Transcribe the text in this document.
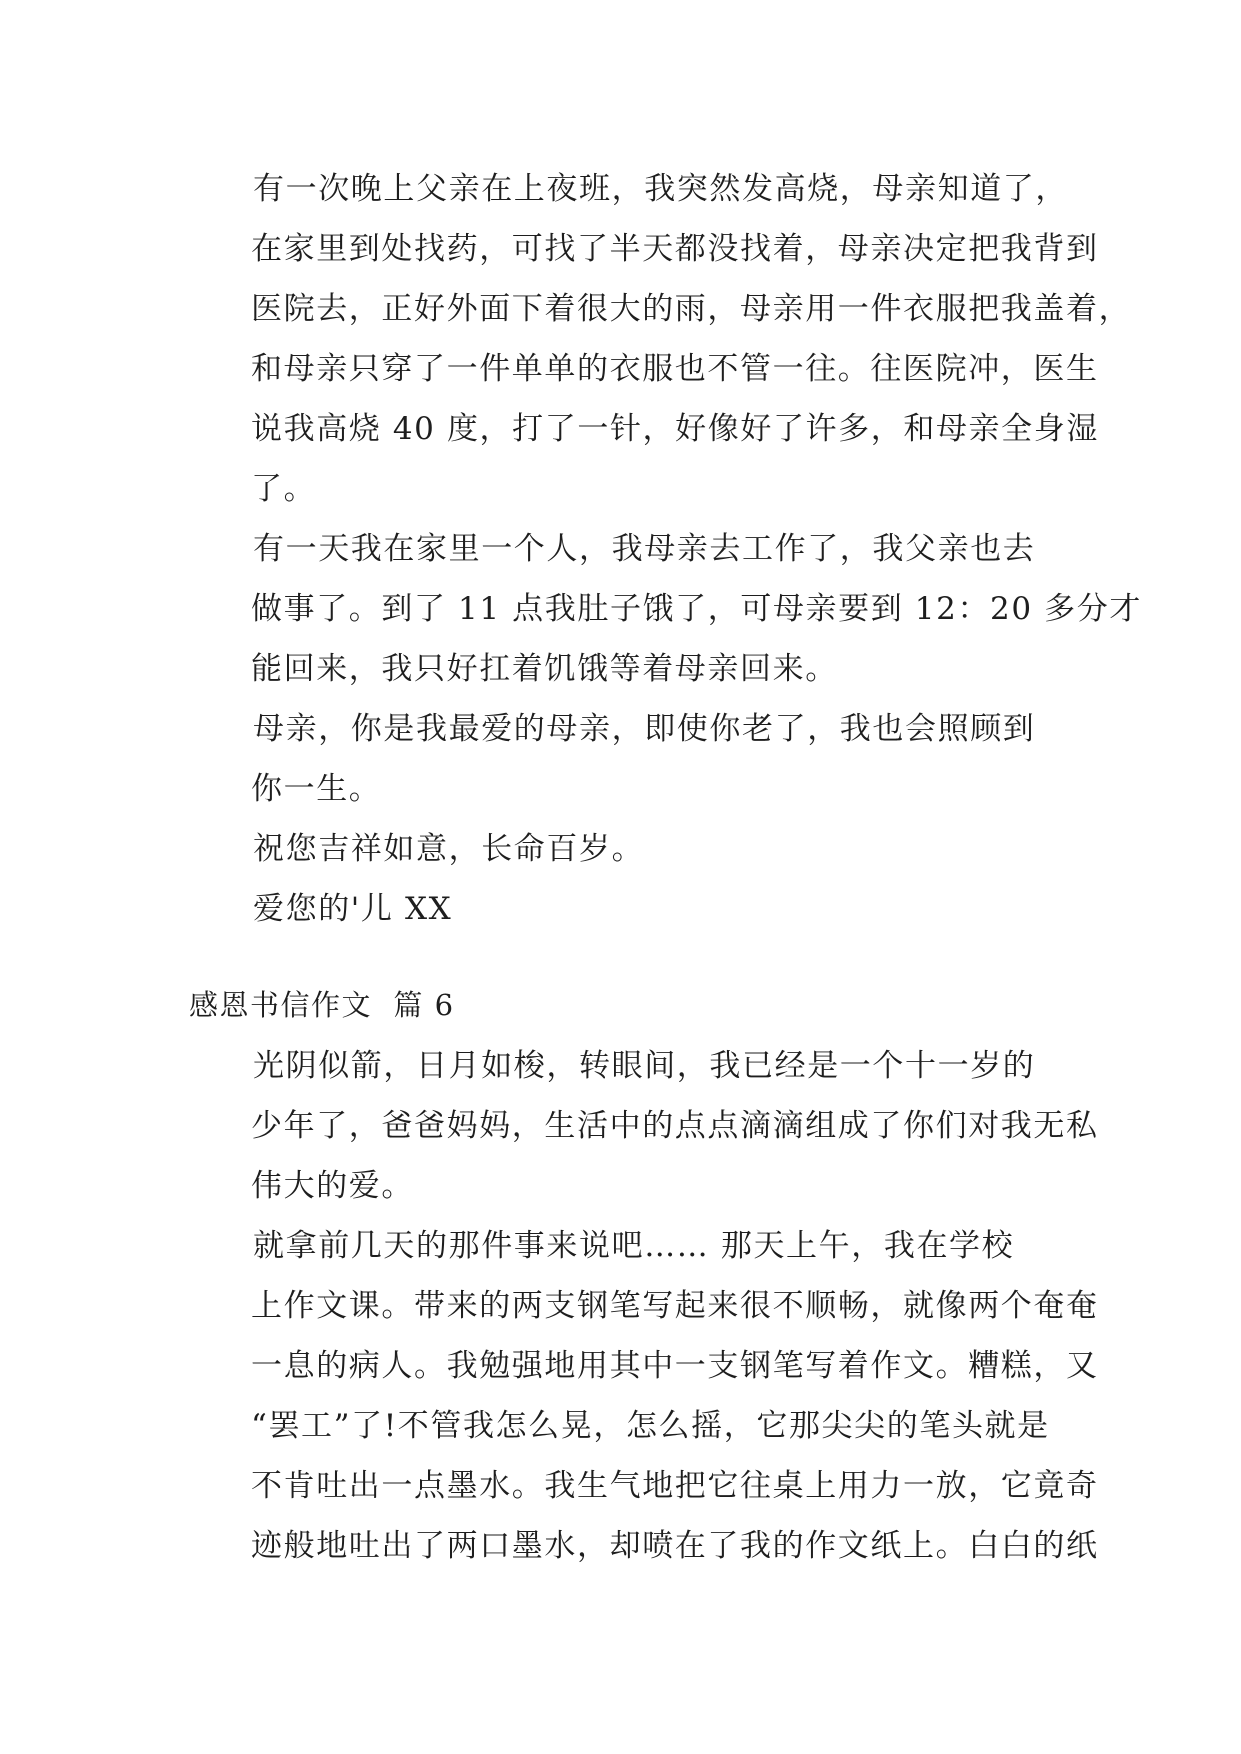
有一次晚上父亲在上夜班，我突然发高烧，母亲知道了，
在家里到处找药，可找了半天都没找着，母亲决定把我背到
医院去，正好外面下着很大的雨，母亲用一件衣服把我盖着，
和母亲只穿了一件单单的衣服也不管一往。往医院冲，医生
说我高烧 40 度，打了一针，好像好了许多，和母亲全身湿
了。

有一天我在家里一个人，我母亲去工作了，我父亲也去
做事了。到了 11 点我肚子饿了，可母亲要到 12：20 多分才
能回来，我只好扛着饥饿等着母亲回来。

母亲，你是我最爱的母亲，即使你老了，我也会照顾到
你一生。

祝您吉祥如意，长命百岁。

爱您的'儿 XX

感恩书信作文  篇 6

光阴似箭，日月如梭，转眼间，我已经是一个十一岁的
少年了，爸爸妈妈，生活中的点点滴滴组成了你们对我无私
伟大的爱。

就拿前几天的那件事来说吧…… 那天上午，我在学校
上作文课。带来的两支钢笔写起来很不顺畅，就像两个奄奄
一息的病人。我勉强地用其中一支钢笔写着作文。糟糕，又
“罢工”了!不管我怎么晃，怎么摇，它那尖尖的笔头就是
不肯吐出一点墨水。我生气地把它往桌上用力一放，它竟奇
迹般地吐出了两口墨水，却喷在了我的作文纸上。白白的纸
